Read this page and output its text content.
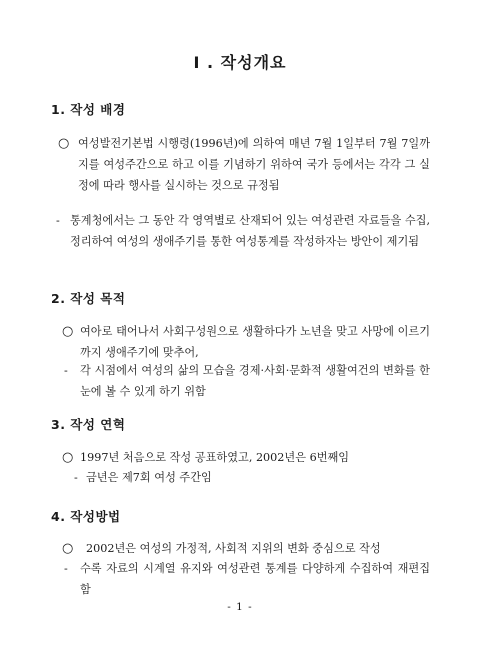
I . 작성개요
1. 작성 배경
○ 여성발전기본법 시행령(1996년)에 의하여 매년 7월 1일부터 7월 7일까지를 여성주간으로 하고 이를 기념하기 위하여 국가 등에서는 각각 그 실정에 따라 행사를 실시하는 것으로 규정됨
- 통계청에서는 그 동안 각 영역별로 산재되어 있는 여성관련 자료들을 수집, 정리하여 여성의 생애주기를 통한 여성통계를 작성하자는 방안이 제기됨
2. 작성 목적
○ 여아로 태어나서 사회구성원으로 생활하다가 노년을 맞고 사망에 이르기까지 생애주기에 맞추어,
- 각 시점에서 여성의 삶의 모습을 경제·사회·문화적 생활여건의 변화를 한 눈에 볼 수 있게 하기 위함
3. 작성 연혁
○ 1997년 처음으로 작성 공표하였고, 2002년은 6번째임
- 금년은 제7회 여성 주간임
4. 작성방법
○ 2002년은 여성의 가정적, 사회적 지위의 변화 중심으로 작성
- 수록 자료의 시계열 유지와 여성관련 통계를 다양하게 수집하여 재편집함
- 1 -
